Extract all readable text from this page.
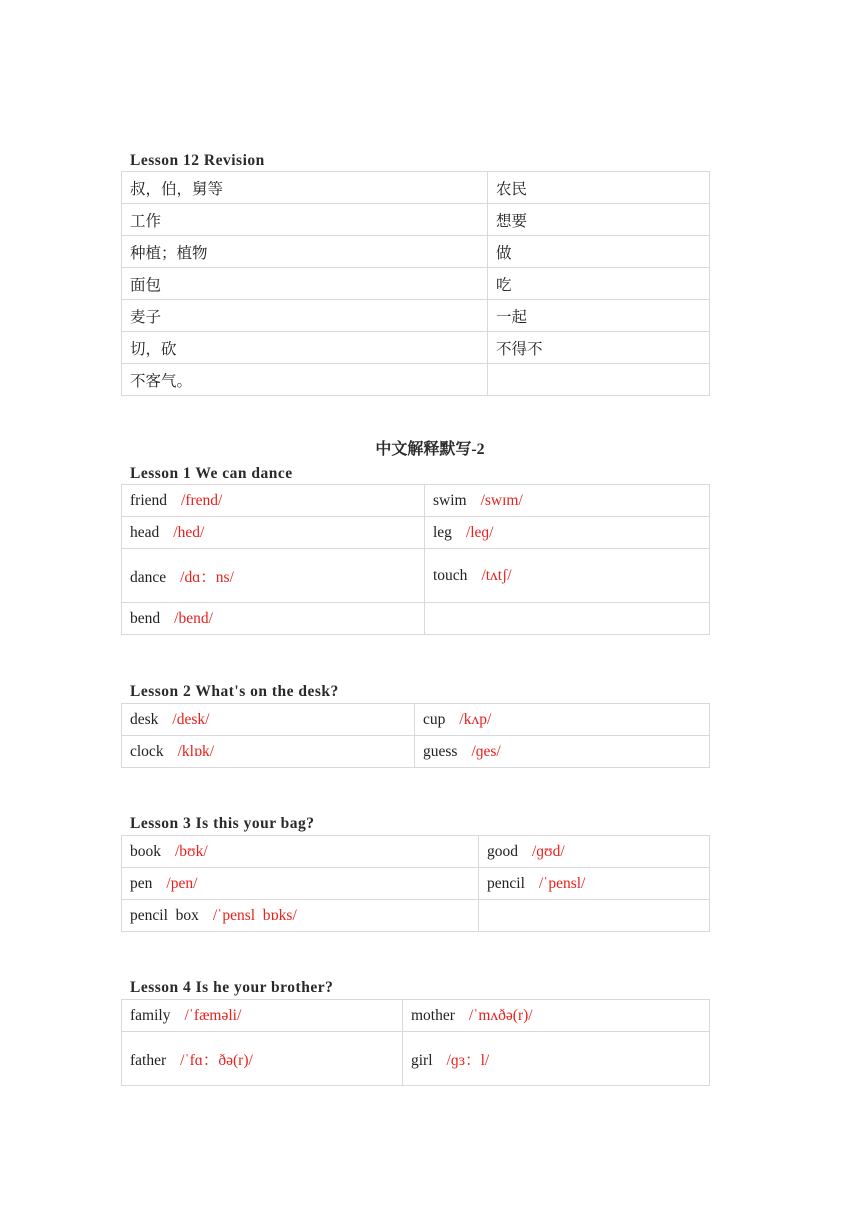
Lesson 12 Revision
叔，伯，舅等	农民
工作	想要
种植；植物	做
面包	吃
麦子	一起
切，砍	不得不
不客气。	
中文解释默写-2
Lesson 1 We can dance
friend /frend/	swim /swɪm/
head /hed/	leg /leɡ/
dance /dɑ：ns/	touch /tʌtʃ/
bend /bend/	
Lesson 2 What's on the desk?
desk /desk/	cup /kʌp/
clock /klɒk/	guess /ɡes/
Lesson 3 Is this your bag?
book /bʊk/	good /ɡʊd/
pen /pen/	pencil /ˈpensl/
pencil  box /ˈpensl  bɒks/	
Lesson 4 Is he your brother?
family /ˈfæməli/	mother /ˈmʌðə(r)/
father /ˈfɑ：ðə(r)/	girl /ɡɜ：l/
